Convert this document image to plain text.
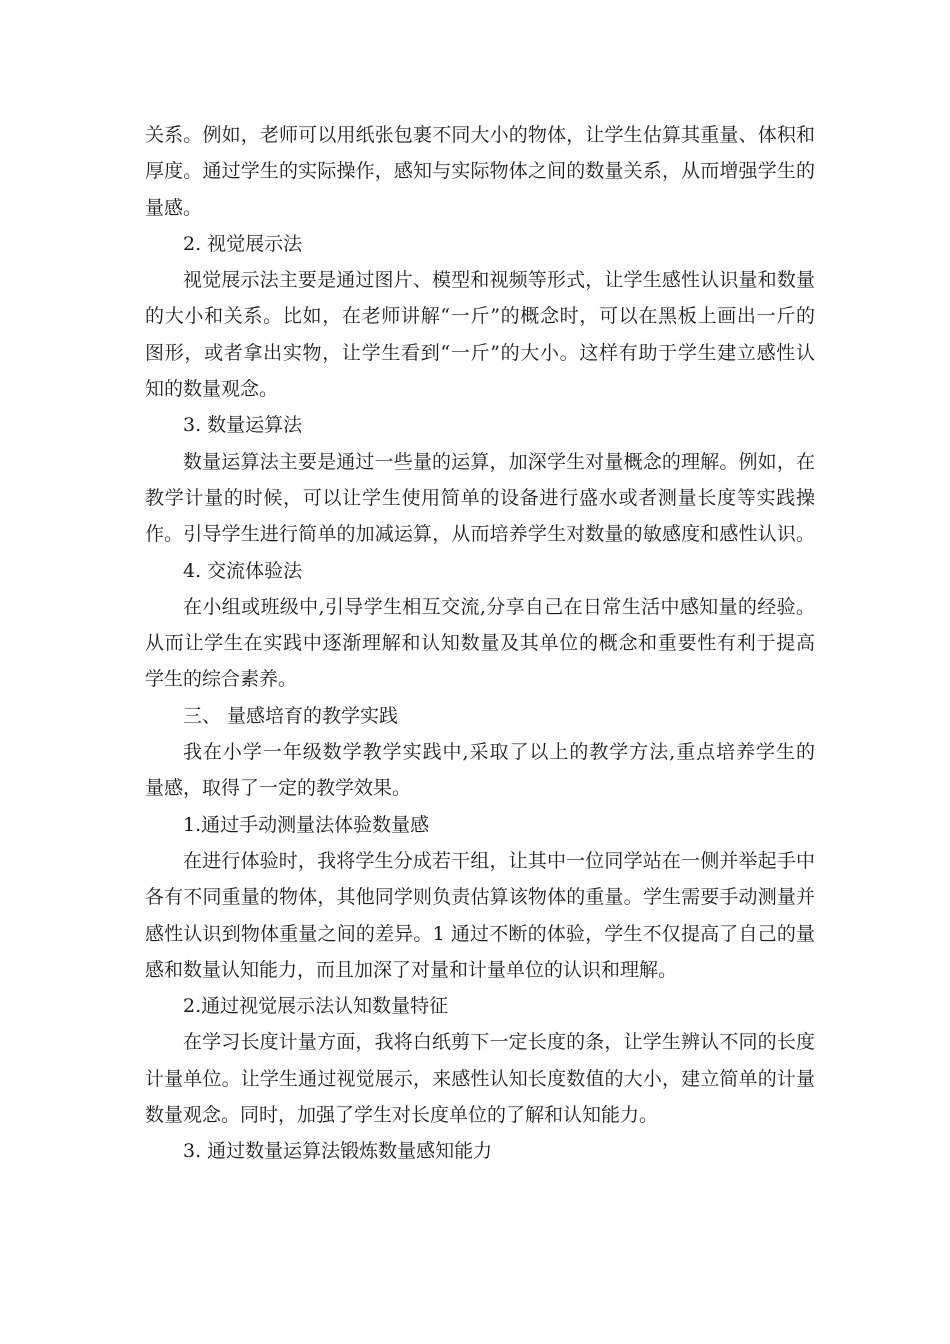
关系。例如，老师可以用纸张包裹不同大小的物体，让学生估算其重量、体积和
厚度。通过学生的实际操作，感知与实际物体之间的数量关系，从而增强学生的
量感。
2. 视觉展示法
视觉展示法主要是通过图片、模型和视频等形式，让学生感性认识量和数量
的大小和关系。比如，在老师讲解“一斤”的概念时，可以在黑板上画出一斤的
图形，或者拿出实物，让学生看到“一斤”的大小。这样有助于学生建立感性认
知的数量观念。
3. 数量运算法
数量运算法主要是通过一些量的运算，加深学生对量概念的理解。例如，在
教学计量的时候，可以让学生使用简单的设备进行盛水或者测量长度等实践操
作。引导学生进行简单的加减运算，从而培养学生对数量的敏感度和感性认识。
4. 交流体验法
在小组或班级中,引导学生相互交流,分享自己在日常生活中感知量的经验。
从而让学生在实践中逐渐理解和认知数量及其单位的概念和重要性有利于提高
学生的综合素养。
三、 量感培育的教学实践
我在小学一年级数学教学实践中,采取了以上的教学方法,重点培养学生的
量感，取得了一定的教学效果。
1.通过手动测量法体验数量感
在进行体验时，我将学生分成若干组，让其中一位同学站在一侧并举起手中
各有不同重量的物体，其他同学则负责估算该物体的重量。学生需要手动测量并
感性认识到物体重量之间的差异。1 通过不断的体验，学生不仅提高了自己的量
感和数量认知能力，而且加深了对量和计量单位的认识和理解。
2.通过视觉展示法认知数量特征
在学习长度计量方面，我将白纸剪下一定长度的条，让学生辨认不同的长度
计量单位。让学生通过视觉展示，来感性认知长度数值的大小，建立简单的计量
数量观念。同时，加强了学生对长度单位的了解和认知能力。
3. 通过数量运算法锻炼数量感知能力
